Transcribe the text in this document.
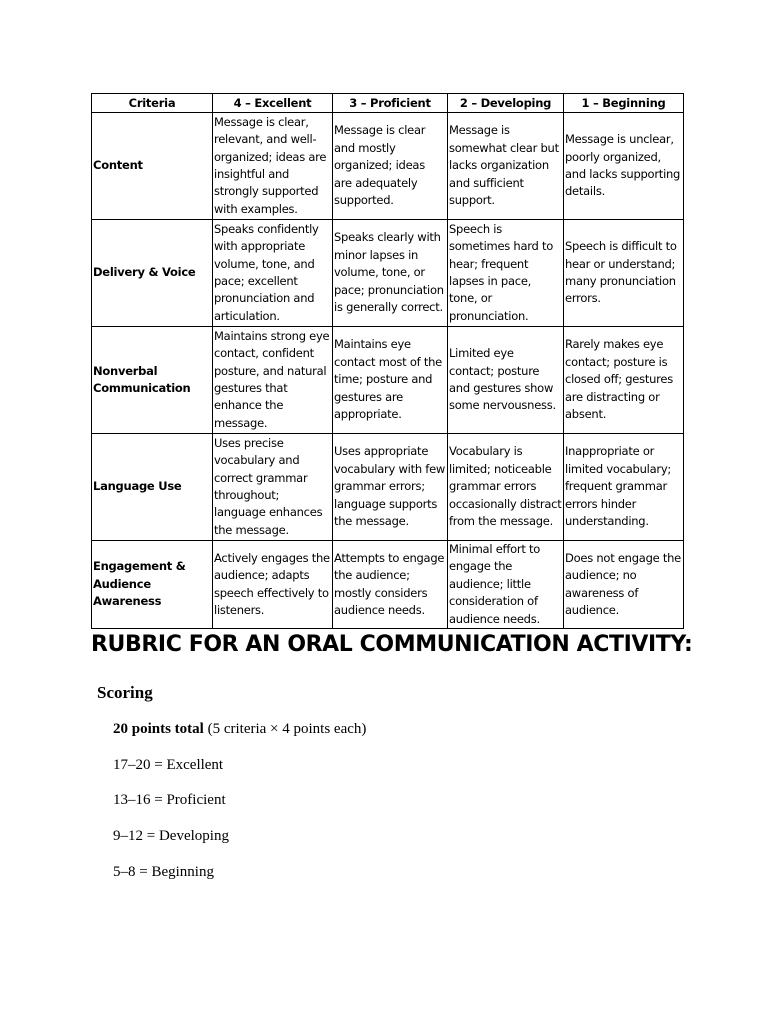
Criteria	4 – Excellent	3 – Proficient	2 – Developing	1 – Beginning
Content	Message is clear, relevant, and well-organized; ideas are insightful and strongly supported with examples.	Message is clear and mostly organized; ideas are adequately supported.	Message is somewhat clear but lacks organization and sufficient support.	Message is unclear, poorly organized, and lacks supporting details.
Delivery & Voice	Speaks confidently with appropriate volume, tone, and pace; excellent pronunciation and articulation.	Speaks clearly with minor lapses in volume, tone, or pace; pronunciation is generally correct.	Speech is sometimes hard to hear; frequent lapses in pace, tone, or pronunciation.	Speech is difficult to hear or understand; many pronunciation errors.
Nonverbal Communication	Maintains strong eye contact, confident posture, and natural gestures that enhance the message.	Maintains eye contact most of the time; posture and gestures are appropriate.	Limited eye contact; posture and gestures show some nervousness.	Rarely makes eye contact; posture is closed off; gestures are distracting or absent.
Language Use	Uses precise vocabulary and correct grammar throughout; language enhances the message.	Uses appropriate vocabulary with few grammar errors; language supports the message.	Vocabulary is limited; noticeable grammar errors occasionally distract from the message.	Inappropriate or limited vocabulary; frequent grammar errors hinder understanding.
Engagement & Audience Awareness	Actively engages the audience; adapts speech effectively to listeners.	Attempts to engage the audience; mostly considers audience needs.	Minimal effort to engage the audience; little consideration of audience needs.	Does not engage the audience; no awareness of audience.
RUBRIC FOR AN ORAL COMMUNICATION ACTIVITY:
Scoring

20 points total (5 criteria × 4 points each)

17–20 = Excellent

13–16 = Proficient

9–12 = Developing

5–8 = Beginning
